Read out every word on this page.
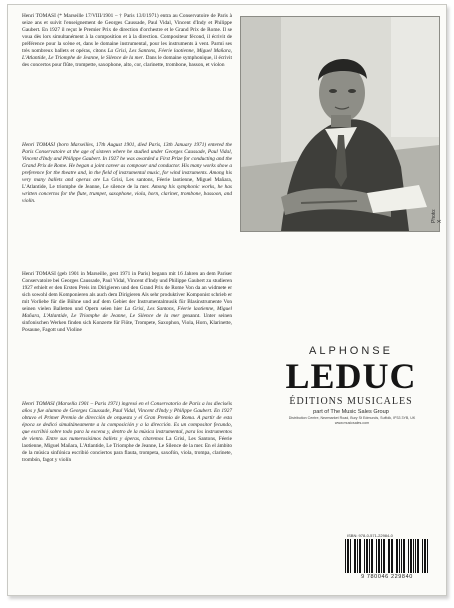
Henri TOMASI (* Marseille 17/VIII/1901 – † Paris 13/I/1971) entra au Conservatoire de Paris à seize ans et suivit l'enseignement de Georges Caussade, Paul Vidal, Vincent d'Indy et Philippe Gaubert. En 1927 il reçut le Premier Prix de direction d'orchestre et le Grand Prix de Rome. Il se voua dès lors simultanément à la composition et à la direction. Compositeur fécond, il écrivit de préférence pour la scène et, dans le domaine instrumental, pour les instruments à vent. Parmi ses très nombreux ballets et opéras, citons La Grisi, Les Santons, Féerie laotienne, Miguel Mañara, L'Atlantide, Le Triomphe de Jeanne, le Silence de la mer. Dans le domaine symphonique, il écrivit des concertos pour flûte, trompette, saxophone, alto, cor, clarinette, trombone, basson, et violon

Henri TOMASI (born Marseilles, 17th August 1901, died Paris, 13th January 1971) entered the Paris Conservatoire at the age of sixteen where he studied under Georges Caussade, Paul Vidal, Vincent d'Indy and Philippe Gaubert. In 1927 he was awarded a First Prize for conducting and the Grand Prix de Rome. He began a joint career as composer and conductor. His many works show a preference for the theatre and, in the field of instrumental music, for wind instruments. Among his very many ballets and operas are La Grisi, Les santons, Féerie laotienne, Miguel Mañara, L'Atlantide, Le triomphe de Jeanne, Le silence de la mer. Among his symphonic works, he has written concertos for the flute, trumpet, saxophone, viola, horn, clarinet, trombone, bassoon, and violin.

Henri TOMASI (geb 1901 in Marseille, gest 1971 in Paris) begann mit 16 Jahren an dem Pariser Conservatoire bei Georges Caussade, Paul Vidal, Vincent d'Indy und Philippe Gaubert zu studieren 1927 erhielt er den Ersten Preis im Dirigieren und den Grand Prix de Rome Von da an widmete er sich sowohl dem Komponieren als auch dem Dirigieren Als sehr produktiver Komponist schrieb er mit Vorliebe für die Bühne und auf dem Gebiet der Instrumentalmusik für Blasinstrumente Von seinen vielen Balletten und Opern seien hier La Grisi, Les Santons, Féerie laotienne, Miguel Mañara, L'Atlantide, Le Triomphe de Jeanne, Le Silence de la mer genannt. Unter seinen sinfonischen Werken finden sich Konzerte für Flöte, Trompete, Saxophon, Viola, Horn, Klarinette, Posaune, Fagott und Violine

Henri TOMASI (Marsella 1901 – Paris 1971) ingresó en el Conservatorio de Paris a los dieciséis años y fue alumno de Georges Caussade, Paul Vidal, Vincent d'Indy y Philippe Gaubert. En 1927 obtuvo el Primer Premio de dirección de orquesta y el Gran Premio de Roma. A partir de esta época se dedicó simultáneamente a la composición y a la dirección. Es un compositor fecundo, que escribió sobre todo para la escena y, dentro de la música instrumental, para los instrumentos de viento. Entre sus numerosísimos ballets y óperas, citaremos La Grisi, Les Santons, Féerie laotienne, Miguel Mañara, L'Atlantide, Le Triomphe de Jeanne, Le Silence de la mer. En el ámbito de la música sinfónica escribió conciertos para flauta, trompeta, saxofón, viola, trompa, clarinete, trombón, fagot y violín

Photo: X
ALPHONSE
LEDUC
ÉDITIONS MUSICALES
part of The Music Sales Group
Distribution Centre, Newmarket Road, Bury St Edmunds, Suffolk, IP33 3YB, UK
www.musicsales.com
ISBN: 978-0-571-22984-0
9 780046 229840
